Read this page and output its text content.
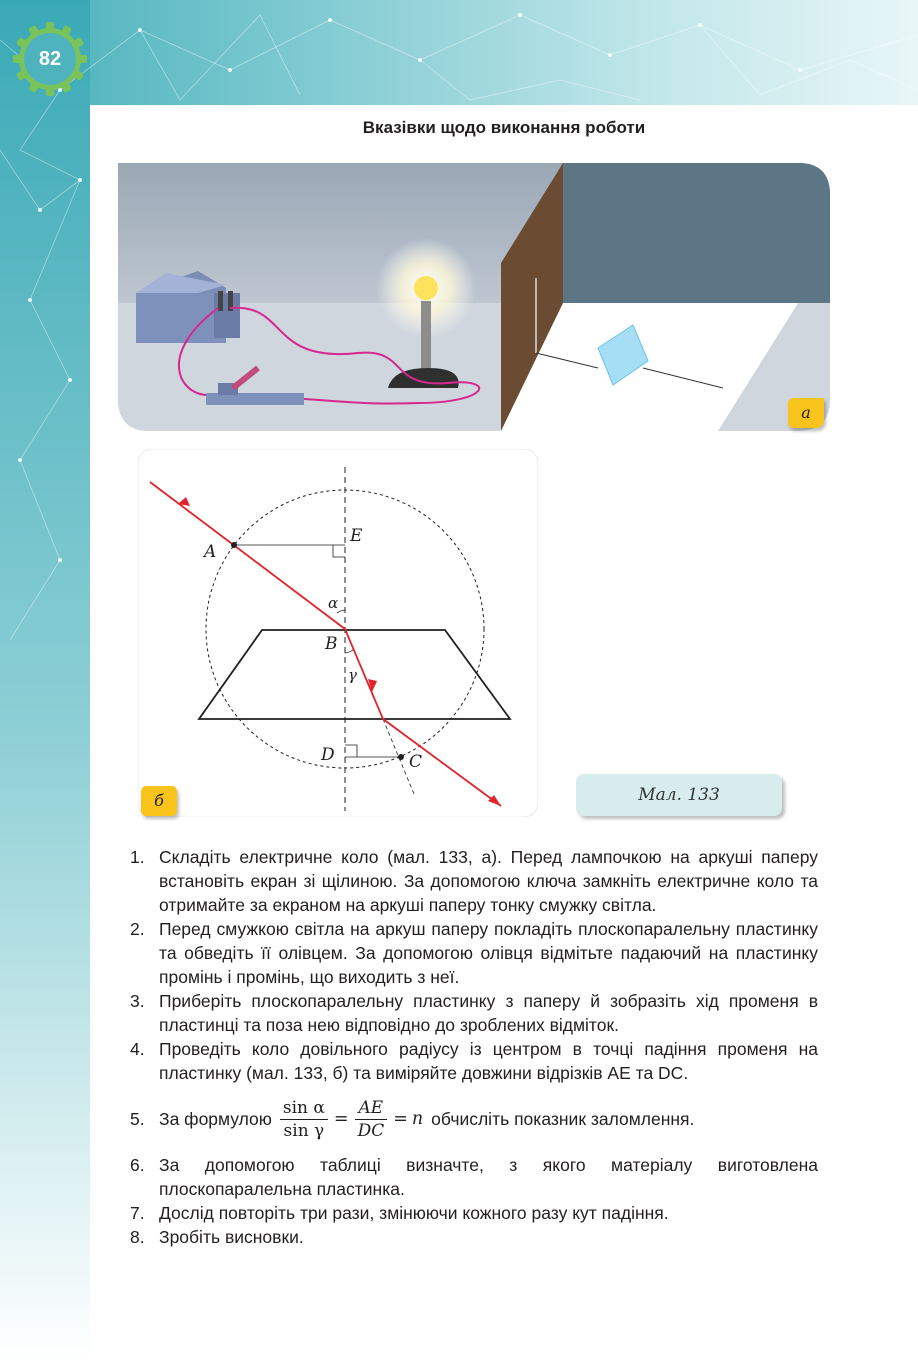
82
Вказівки щодо виконання роботи
а
A
E
B
D	C
α
γ
б	Мал. 133
1. Складіть електричне коло (мал. 133, а). Перед лампочкою на аркуші паперу встановіть екран зі щілиною. За допомогою ключа замкніть електричне коло та отримайте за екраном на аркуші паперу тонку смужку світла.
2. Перед смужкою світла на аркуш паперу покладіть плоскопаралельну пластинку та обведіть її олівцем. За допомогою олівця відмітьте падаючий на пластинку промінь і промінь, що виходить з неї.
3. Приберіть плоскопаралельну пластинку з паперу й зобразіть хід променя в пластинці та поза нею відповідно до зроблених відміток.
4. Проведіть коло довільного радіусу із центром в точці падіння променя на пластинку (мал. 133, б) та виміряйте довжини відрізків AE та DC.
5. За формулою $\frac{\text{sin α}}{\text{sin γ}} = \frac{AE}{DC} = n$ обчисліть показник заломлення.
6. За допомогою таблиці визначте, з якого матеріалу виготовлена плоскопаралельна пластинка.
7. Дослід повторіть три рази, змінюючи кожного разу кут падіння.
8. Зробіть висновки.
